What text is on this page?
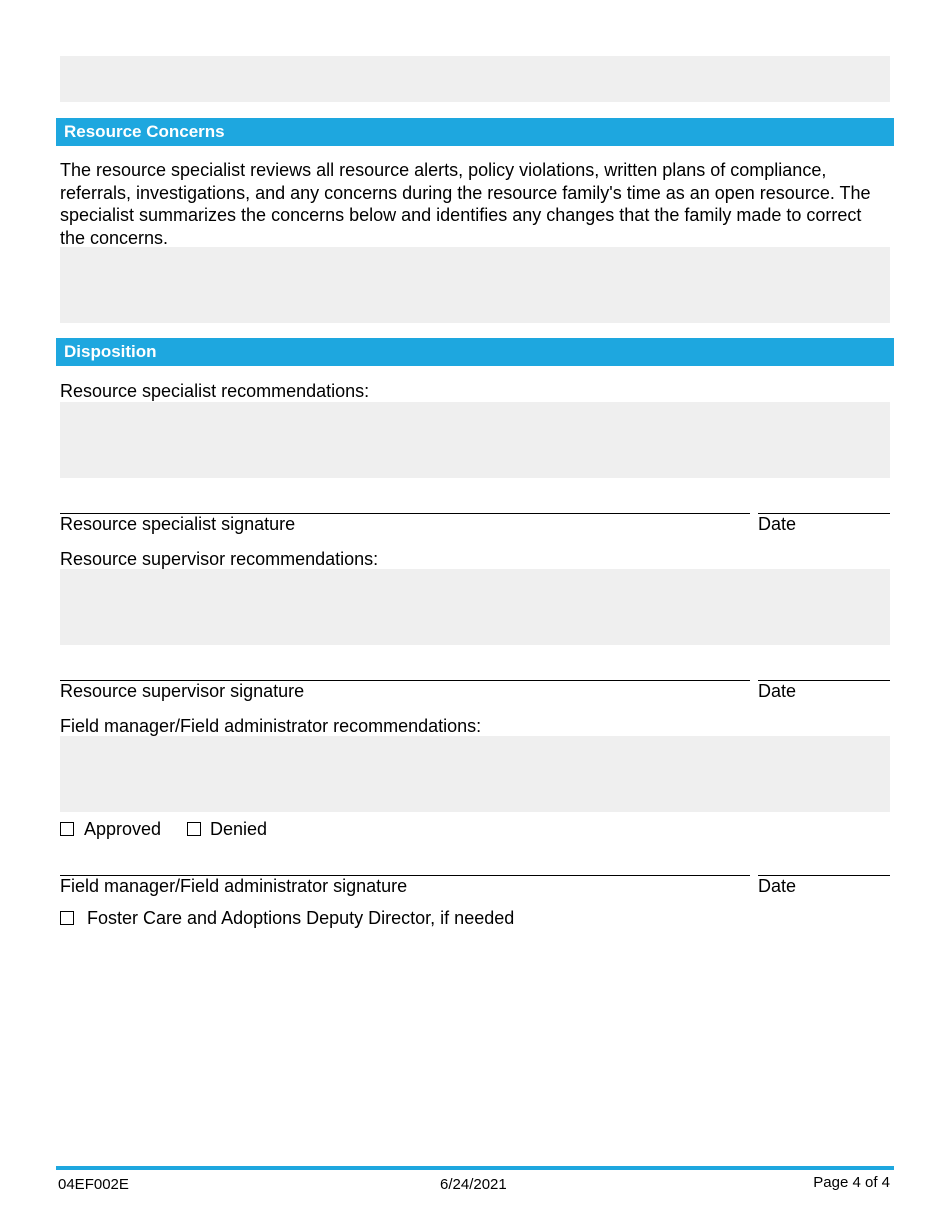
Resource Concerns
The resource specialist reviews all resource alerts, policy violations, written plans of compliance, referrals, investigations, and any concerns during the resource family's time as an open resource. The specialist summarizes the concerns below and identifies any changes that the family made to correct the concerns.
Disposition
Resource specialist recommendations:
Resource specialist signature	Date
Resource supervisor recommendations:
Resource supervisor signature	Date
Field manager/Field administrator recommendations:
Approved	Denied
Field manager/Field administrator signature	Date
Foster Care and Adoptions Deputy Director, if needed
04EF002E	6/24/2021	Page 4 of 4
